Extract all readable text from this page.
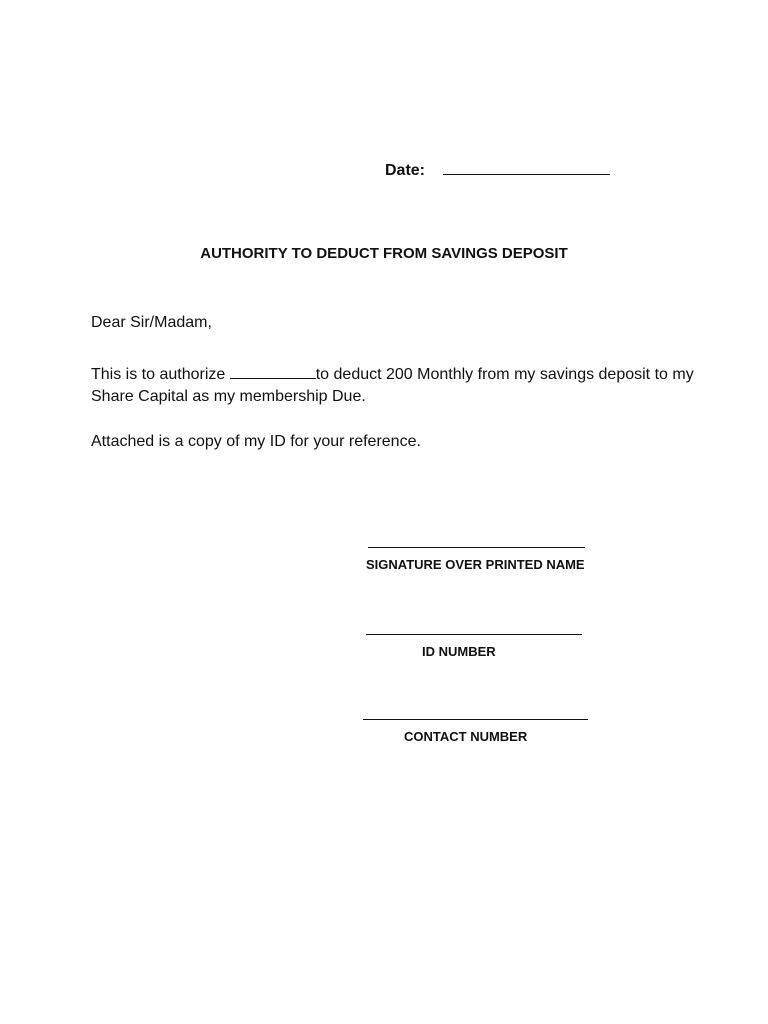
Date:
AUTHORITY TO DEDUCT FROM SAVINGS DEPOSIT
Dear Sir/Madam,
This is to authorize	to deduct 200 Monthly from my savings deposit to my Share Capital as my membership Due.
Attached is a copy of my ID for your reference.
SIGNATURE OVER PRINTED NAME
ID NUMBER
CONTACT NUMBER
